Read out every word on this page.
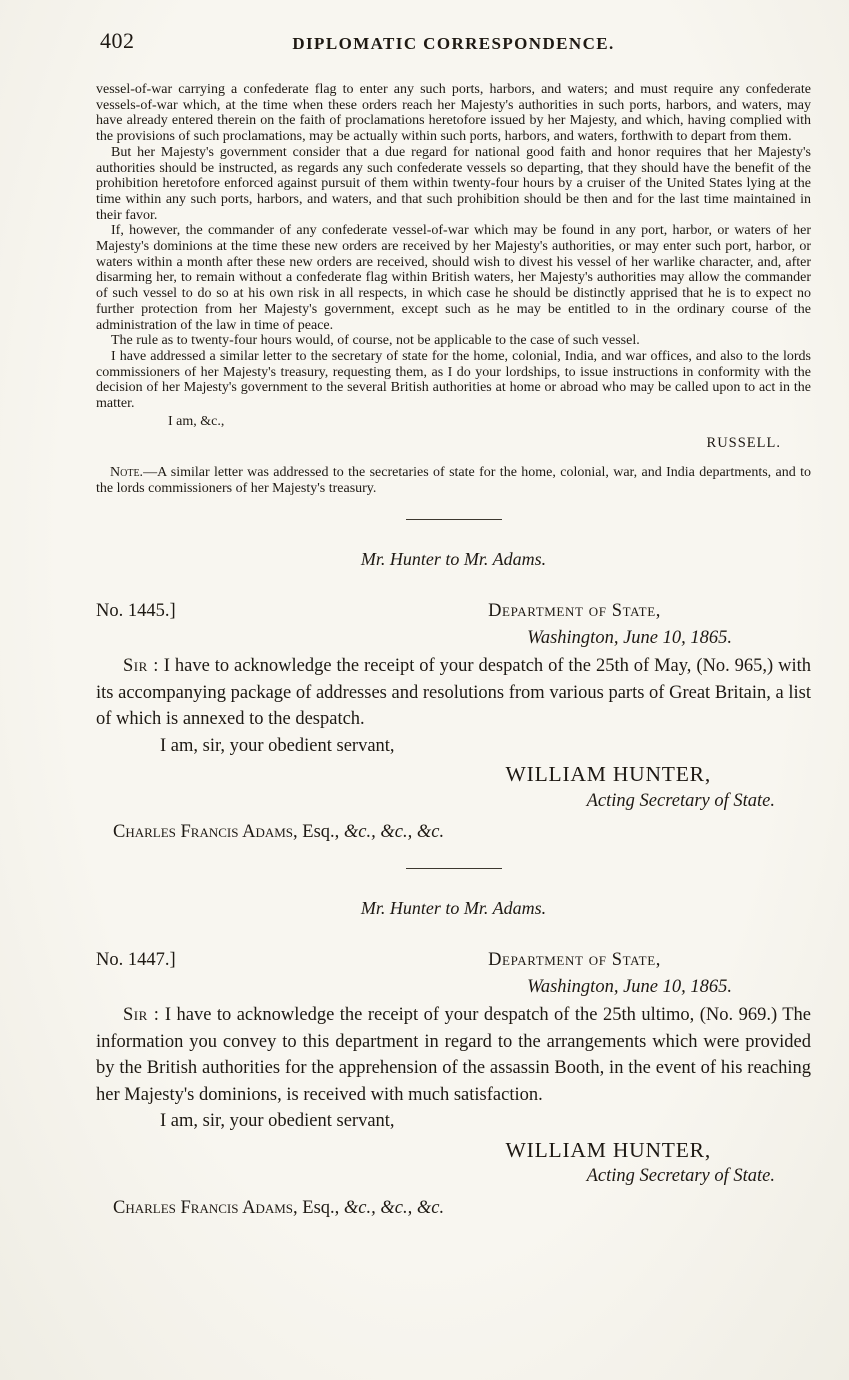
402	DIPLOMATIC CORRESPONDENCE.

vessel-of-war carrying a confederate flag to enter any such ports, harbors, and waters; and must require any confederate vessels-of-war which, at the time when these orders reach her Majesty's authorities in such ports, harbors, and waters, may have already entered therein on the faith of proclamations heretofore issued by her Majesty, and which, having complied with the provisions of such proclamations, may be actually within such ports, harbors, and waters, forthwith to depart from them.

But her Majesty's government consider that a due regard for national good faith and honor requires that her Majesty's authorities should be instructed, as regards any such confederate vessels so departing, that they should have the benefit of the prohibition heretofore enforced against pursuit of them within twenty-four hours by a cruiser of the United States lying at the time within any such ports, harbors, and waters, and that such prohibition should be then and for the last time maintained in their favor.

If, however, the commander of any confederate vessel-of-war which may be found in any port, harbor, or waters of her Majesty's dominions at the time these new orders are received by her Majesty's authorities, or may enter such port, harbor, or waters within a month after these new orders are received, should wish to divest his vessel of her warlike character, and, after disarming her, to remain without a confederate flag within British waters, her Majesty's authorities may allow the commander of such vessel to do so at his own risk in all respects, in which case he should be distinctly apprised that he is to expect no further protection from her Majesty's government, except such as he may be entitled to in the ordinary course of the administration of the law in time of peace.

The rule as to twenty-four hours would, of course, not be applicable to the case of such vessel.

I have addressed a similar letter to the secretary of state for the home, colonial, India, and war offices, and also to the lords commissioners of her Majesty's treasury, requesting them, as I do your lordships, to issue instructions in conformity with the decision of her Majesty's government to the several British authorities at home or abroad who may be called upon to act in the matter.

I am, &c.,

RUSSELL.

Note.—A similar letter was addressed to the secretaries of state for the home, colonial, war, and India departments, and to the lords commissioners of her Majesty's treasury.

Mr. Hunter to Mr. Adams.

No. 1445.]	Department of State,

Washington, June 10, 1865.

Sir : I have to acknowledge the receipt of your despatch of the 25th of May, (No. 965,) with its accompanying package of addresses and resolutions from various parts of Great Britain, a list of which is annexed to the despatch.

I am, sir, your obedient servant,

WILLIAM HUNTER,

Acting Secretary of State.

Charles Francis Adams, Esq., &c., &c., &c.

Mr. Hunter to Mr. Adams.

No. 1447.]	Department of State,

Washington, June 10, 1865.

Sir : I have to acknowledge the receipt of your despatch of the 25th ultimo, (No. 969.) The information you convey to this department in regard to the arrangements which were provided by the British authorities for the apprehension of the assassin Booth, in the event of his reaching her Majesty's dominions, is received with much satisfaction.

I am, sir, your obedient servant,

WILLIAM HUNTER,

Acting Secretary of State.

Charles Francis Adams, Esq., &c., &c., &c.
